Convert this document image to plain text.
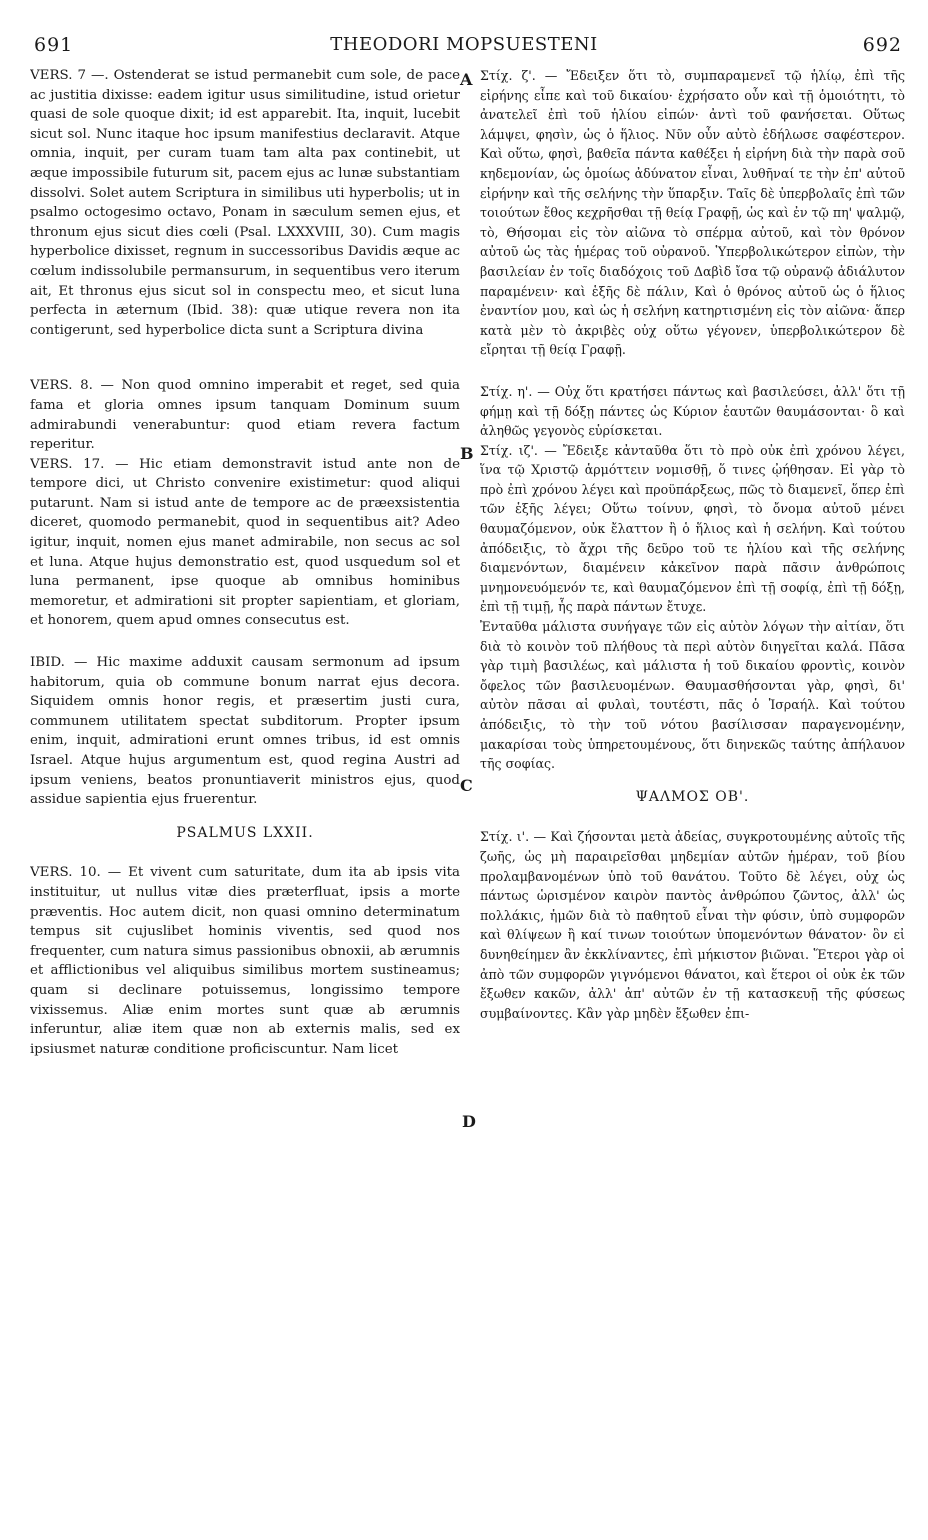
691	THEODORI MOPSUESTENI	692
A
B
C
D

VERS. 7 —. Ostenderat se istud permanebit cum sole, de pace ac justitia dixisse: eadem igitur usus similitudine, istud orietur quasi de sole quoque dixit; id est apparebit. Ita, inquit, lucebit sicut sol. Nunc itaque hoc ipsum manifestius declaravit. Atque omnia, inquit, per curam tuam tam alta pax continebit, ut æque impossibile futurum sit, pacem ejus ac lunæ substantiam dissolvi. Solet autem Scriptura in similibus uti hyperbolis; ut in psalmo octogesimo octavo, Ponam in sæculum semen ejus, et thronum ejus sicut dies cœli (Psal. LXXXVIII, 30). Cum magis hyperbolice dixisset, regnum in successoribus Davidis æque ac cœlum indissolubile permansurum, in sequentibus vero iterum ait, Et thronus ejus sicut sol in conspectu meo, et sicut luna perfecta in æternum (Ibid. 38): quæ utique revera non ita contigerunt, sed hyperbolice dicta sunt a Scriptura divina

VERS. 8. — Non quod omnino imperabit et reget, sed quia fama et gloria omnes ipsum tanquam Dominum suum admirabundi venerabuntur: quod etiam revera factum reperitur.

VERS. 17. — Hic etiam demonstravit istud ante non de tempore dici, ut Christo convenire existimetur: quod aliqui putarunt. Nam si istud ante de tempore ac de præexsistentia diceret, quomodo permanebit, quod in sequentibus ait? Adeo igitur, inquit, nomen ejus manet admirabile, non secus ac sol et luna. Atque hujus demonstratio est, quod usquedum sol et luna permanent, ipse quoque ab omnibus hominibus memoretur, et admirationi sit propter sapientiam, et gloriam, et honorem, quem apud omnes consecutus est.

IBID. — Hic maxime adduxit causam sermonum ad ipsum habitorum, quia ob commune bonum narrat ejus decora. Siquidem omnis honor regis, et præsertim justi cura, communem utilitatem spectat subditorum. Propter ipsum enim, inquit, admirationi erunt omnes tribus, id est omnis Israel. Atque hujus argumentum est, quod regina Austri ad ipsum veniens, beatos pronuntiaverit ministros ejus, quod assidue sapientia ejus fruerentur.

PSALMUS LXXII.

VERS. 10. — Et vivent cum saturitate, dum ita ab ipsis vita instituitur, ut nullus vitæ dies præterfluat, ipsis a morte præventis. Hoc autem dicit, non quasi omnino determinatum tempus sit cujuslibet hominis viventis, sed quod nos frequenter, cum natura simus passionibus obnoxii, ab ærumnis et afflictionibus vel aliquibus similibus mortem sustineamus; quam si declinare potuissemus, longissimo tempore vixissemus. Aliæ enim mortes sunt quæ ab ærumnis inferuntur, aliæ item quæ non ab externis malis, sed ex ipsiusmet naturæ conditione proficiscuntur. Nam licet

Στίχ. ζ'. — Ἔδειξεν ὅτι τὸ, συμπαραμενεῖ τῷ ἡλίῳ, ἐπὶ τῆς εἰρήνης εἶπε καὶ τοῦ δικαίου· ἐχρήσατο οὖν καὶ τῇ ὁμοιότητι, τὸ ἀνατελεῖ ἐπὶ τοῦ ἡλίου εἰπών· ἀντὶ τοῦ φανήσεται. Οὕτως λάμψει, φησὶν, ὡς ὁ ἥλιος. Νῦν οὖν αὐτὸ ἐδήλωσε σαφέστερον. Καὶ οὕτω, φησὶ, βαθεῖα πάντα καθέξει ἡ εἰρήνη διὰ τὴν παρὰ σοῦ κηδεμονίαν, ὡς ὁμοίως ἀδύνατον εἶναι, λυθῆναί τε τὴν ἐπ' αὐτοῦ εἰρήνην καὶ τῆς σελήνης τὴν ὕπαρξιν. Ταῖς δὲ ὑπερβολαῖς ἐπὶ τῶν τοιούτων ἔθος κεχρῆσθαι τῇ θείᾳ Γραφῇ, ὡς καὶ ἐν τῷ πη' ψαλμῷ, τὸ, Θήσομαι εἰς τὸν αἰῶνα τὸ σπέρμα αὐτοῦ, καὶ τὸν θρόνον αὐτοῦ ὡς τὰς ἡμέρας τοῦ οὐρανοῦ. Ὑπερβολικώτερον εἰπὼν, τὴν βασιλείαν ἐν τοῖς διαδόχοις τοῦ Δαβὶδ ἴσα τῷ οὐρανῷ ἀδιάλυτον παραμένειν· καὶ ἑξῆς δὲ πάλιν, Καὶ ὁ θρόνος αὐτοῦ ὡς ὁ ἥλιος ἐναντίον μου, καὶ ὡς ἡ σελήνη κατηρτισμένη εἰς τὸν αἰῶνα· ἅπερ κατὰ μὲν τὸ ἀκριβὲς οὐχ οὕτω γέγονεν, ὑπερβολικώτερον δὲ εἴρηται τῇ θείᾳ Γραφῇ.

Στίχ. η'. — Οὐχ ὅτι κρατήσει πάντως καὶ βασιλεύσει, ἀλλ' ὅτι τῇ φήμῃ καὶ τῇ δόξῃ πάντες ὡς Κύριον ἑαυτῶν θαυμάσονται· ὃ καὶ ἀληθῶς γεγονὸς εὑρίσκεται.

Στίχ. ιζ'. — Ἔδειξε κἀνταῦθα ὅτι τὸ πρὸ οὐκ ἐπὶ χρόνου λέγει, ἵνα τῷ Χριστῷ ἁρμόττειν νομισθῇ, ὅ τινες ᾠήθησαν. Εἰ γὰρ τὸ πρὸ ἐπὶ χρόνου λέγει καὶ προϋπάρξεως, πῶς τὸ διαμενεῖ, ὅπερ ἐπὶ τῶν ἑξῆς λέγει; Οὕτω τοίνυν, φησὶ, τὸ ὄνομα αὐτοῦ μένει θαυμαζόμενον, οὐκ ἔλαττον ἢ ὁ ἥλιος καὶ ἡ σελήνη. Καὶ τούτου ἀπόδειξις, τὸ ἄχρι τῆς δεῦρο τοῦ τε ἡλίου καὶ τῆς σελήνης διαμενόντων, διαμένειν κἀκεῖνον παρὰ πᾶσιν ἀνθρώποις μνημονευόμενόν τε, καὶ θαυμαζόμενον ἐπὶ τῇ σοφίᾳ, ἐπὶ τῇ δόξῃ, ἐπὶ τῇ τιμῇ, ἧς παρὰ πάντων ἔτυχε.

Ἐνταῦθα μάλιστα συνήγαγε τῶν εἰς αὐτὸν λόγων τὴν αἰτίαν, ὅτι διὰ τὸ κοινὸν τοῦ πλήθους τὰ περὶ αὐτὸν διηγεῖται καλά. Πᾶσα γὰρ τιμὴ βασιλέως, καὶ μάλιστα ἡ τοῦ δικαίου φροντὶς, κοινὸν ὄφελος τῶν βασιλευομένων. Θαυμασθήσονται γὰρ, φησὶ, δι' αὐτὸν πᾶσαι αἱ φυλαὶ, τουτέστι, πᾶς ὁ Ἰσραήλ. Καὶ τούτου ἀπόδειξις, τὸ τὴν τοῦ νότου βασίλισσαν παραγενομένην, μακαρίσαι τοὺς ὑπηρετουμένους, ὅτι διηνεκῶς ταύτης ἀπήλαυον τῆς σοφίας.

ΨΑΛΜΟΣ ΟΒ'.

Στίχ. ι'. — Καὶ ζήσονται μετὰ ἀδείας, συγκροτουμένης αὐτοῖς τῆς ζωῆς, ὡς μὴ παραιρεῖσθαι μηδεμίαν αὐτῶν ἡμέραν, τοῦ βίου προλαμβανομένων ὑπὸ τοῦ θανάτου. Τοῦτο δὲ λέγει, οὐχ ὡς πάντως ὡρισμένον καιρὸν παντὸς ἀνθρώπου ζῶντος, ἀλλ' ὡς πολλάκις, ἡμῶν διὰ τὸ παθητοῦ εἶναι τὴν φύσιν, ὑπὸ συμφορῶν καὶ θλίψεων ἢ καί τινων τοιούτων ὑπομενόντων θάνατον· ὃν εἰ δυνηθείημεν ἂν ἐκκλίναντες, ἐπὶ μήκιστον βιῶναι. Ἕτεροι γὰρ οἱ ἀπὸ τῶν συμφορῶν γιγνόμενοι θάνατοι, καὶ ἕτεροι οἱ οὐκ ἐκ τῶν ἔξωθεν κακῶν, ἀλλ' ἀπ' αὐτῶν ἐν τῇ κατασκευῇ τῆς φύσεως συμβαίνοντες. Κἂν γὰρ μηδὲν ἔξωθεν ἐπι-
